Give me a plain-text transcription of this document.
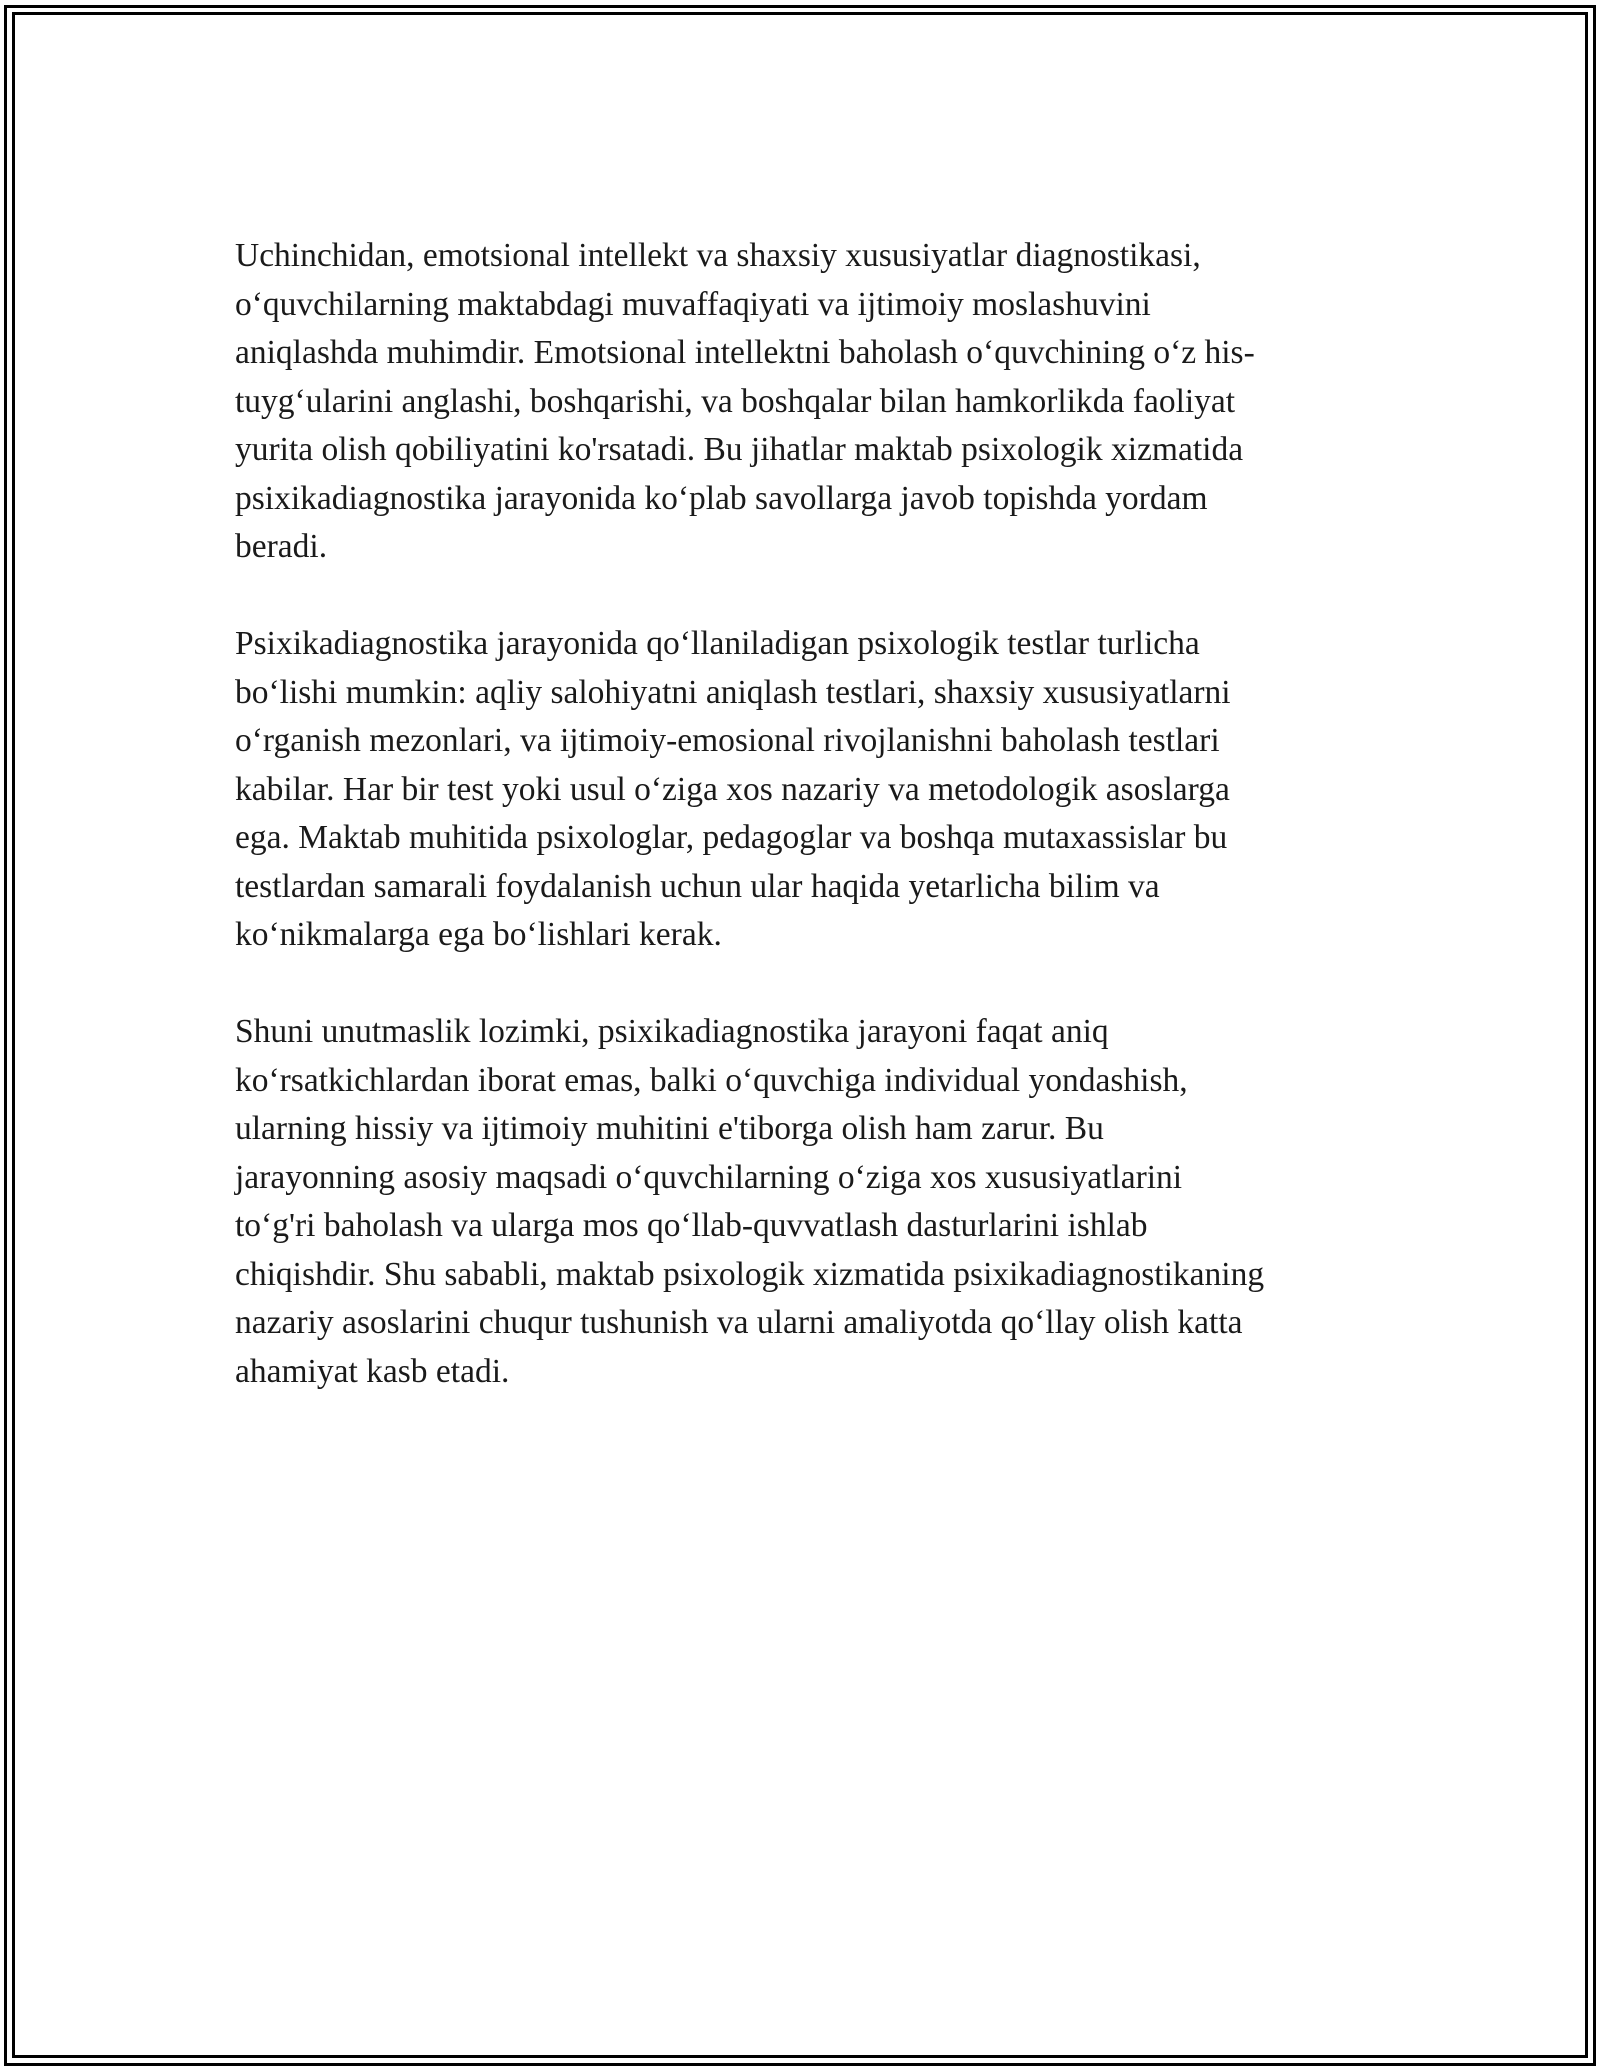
Uchinchidan, emotsional intellekt va shaxsiy xususiyatlar diagnostikasi,
o‘quvchilarning maktabdagi muvaffaqiyati va ijtimoiy moslashuvini
aniqlashda muhimdir. Emotsional intellektni baholash o‘quvchining o‘z his-
tuyg‘ularini anglashi, boshqarishi, va boshqalar bilan hamkorlikda faoliyat
yurita olish qobiliyatini ko'rsatadi. Bu jihatlar maktab psixologik xizmatida
psixikadiagnostika jarayonida ko‘plab savollarga javob topishda yordam
beradi.

Psixikadiagnostika jarayonida qo‘llaniladigan psixologik testlar turlicha
bo‘lishi mumkin: aqliy salohiyatni aniqlash testlari, shaxsiy xususiyatlarni
o‘rganish mezonlari, va ijtimoiy-emosional rivojlanishni baholash testlari
kabilar. Har bir test yoki usul o‘ziga xos nazariy va metodologik asoslarga
ega. Maktab muhitida psixologlar, pedagoglar va boshqa mutaxassislar bu
testlardan samarali foydalanish uchun ular haqida yetarlicha bilim va
ko‘nikmalarga ega bo‘lishlari kerak.

Shuni unutmaslik lozimki, psixikadiagnostika jarayoni faqat aniq
ko‘rsatkichlardan iborat emas, balki o‘quvchiga individual yondashish,
ularning hissiy va ijtimoiy muhitini e'tiborga olish ham zarur. Bu
jarayonning asosiy maqsadi o‘quvchilarning o‘ziga xos xususiyatlarini
to‘g'ri baholash va ularga mos qo‘llab-quvvatlash dasturlarini ishlab
chiqishdir. Shu sababli, maktab psixologik xizmatida psixikadiagnostikaning
nazariy asoslarini chuqur tushunish va ularni amaliyotda qo‘llay olish katta
ahamiyat kasb etadi.
